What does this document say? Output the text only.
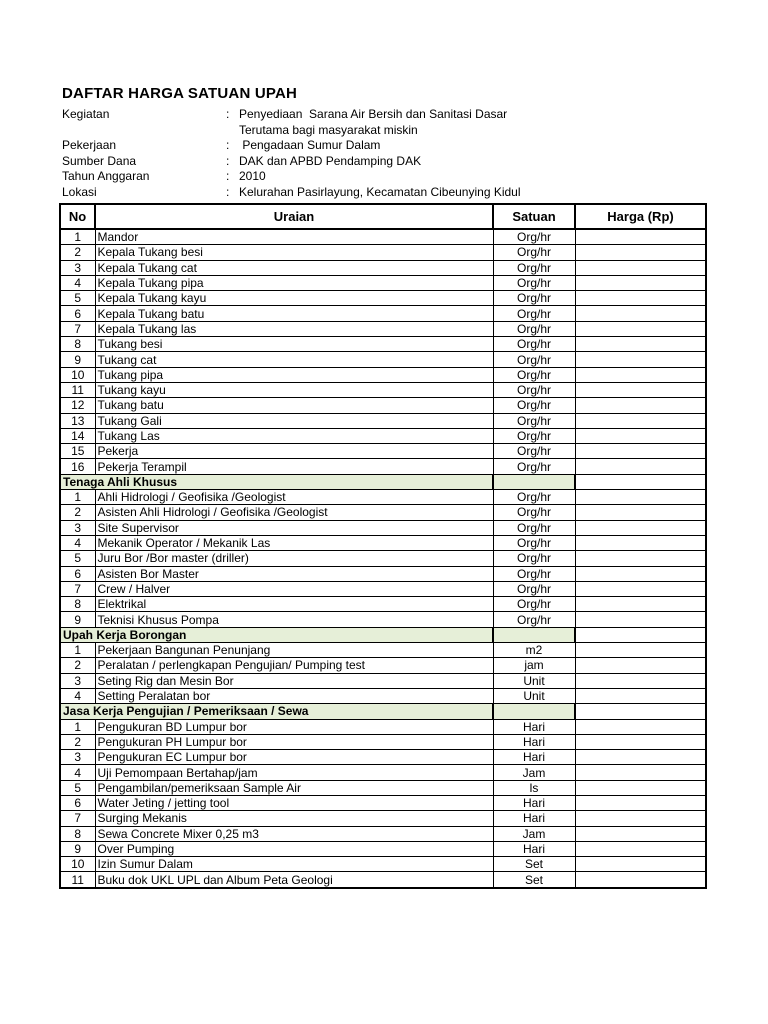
DAFTAR HARGA SATUAN UPAH
Kegiatan	: Penyediaan  Sarana Air Bersih dan Sanitasi Dasar
Terutama bagi masyarakat miskin
Pekerjaan	: Pengadaan Sumur Dalam
Sumber Dana	: DAK dan APBD Pendamping DAK
Tahun Anggaran	: 2010
Lokasi	: Kelurahan Pasirlayung, Kecamatan Cibeunying Kidul
No	Uraian	Satuan	Harga (Rp)
1	Mandor	Org/hr	
2	Kepala Tukang besi	Org/hr	
3	Kepala Tukang cat	Org/hr	
4	Kepala Tukang pipa	Org/hr	
5	Kepala Tukang kayu	Org/hr	
6	Kepala Tukang batu	Org/hr	
7	Kepala Tukang las	Org/hr	
8	Tukang besi	Org/hr	
9	Tukang cat	Org/hr	
10	Tukang pipa	Org/hr	
11	Tukang kayu	Org/hr	
12	Tukang batu	Org/hr	
13	Tukang Gali	Org/hr	
14	Tukang Las	Org/hr	
15	Pekerja	Org/hr	
16	Pekerja Terampil	Org/hr	
Tenaga Ahli Khusus			
1	Ahli Hidrologi / Geofisika /Geologist	Org/hr	
2	Asisten Ahli Hidrologi / Geofisika /Geologist	Org/hr	
3	Site Supervisor	Org/hr	
4	Mekanik Operator / Mekanik Las	Org/hr	
5	Juru Bor /Bor master (driller)	Org/hr	
6	Asisten Bor Master	Org/hr	
7	Crew / Halver	Org/hr	
8	Elektrikal	Org/hr	
9	Teknisi Khusus Pompa	Org/hr	
Upah Kerja Borongan			
1	Pekerjaan Bangunan Penunjang	m2	
2	Peralatan / perlengkapan Pengujian/ Pumping test	jam	
3	Seting Rig dan Mesin Bor	Unit	
4	Setting Peralatan bor	Unit	
Jasa Kerja Pengujian / Pemeriksaan / Sewa			
1	Pengukuran BD Lumpur bor	Hari	
2	Pengukuran PH Lumpur bor	Hari	
3	Pengukuran EC Lumpur bor	Hari	
4	Uji Pemompaan Bertahap/jam	Jam	
5	Pengambilan/pemeriksaan Sample Air	ls	
6	Water Jeting / jetting tool	Hari	
7	Surging Mekanis	Hari	
8	Sewa Concrete Mixer 0,25 m3	Jam	
9	Over Pumping	Hari	
10	Izin Sumur Dalam	Set	
11	Buku dok UKL UPL dan Album Peta Geologi	Set	
